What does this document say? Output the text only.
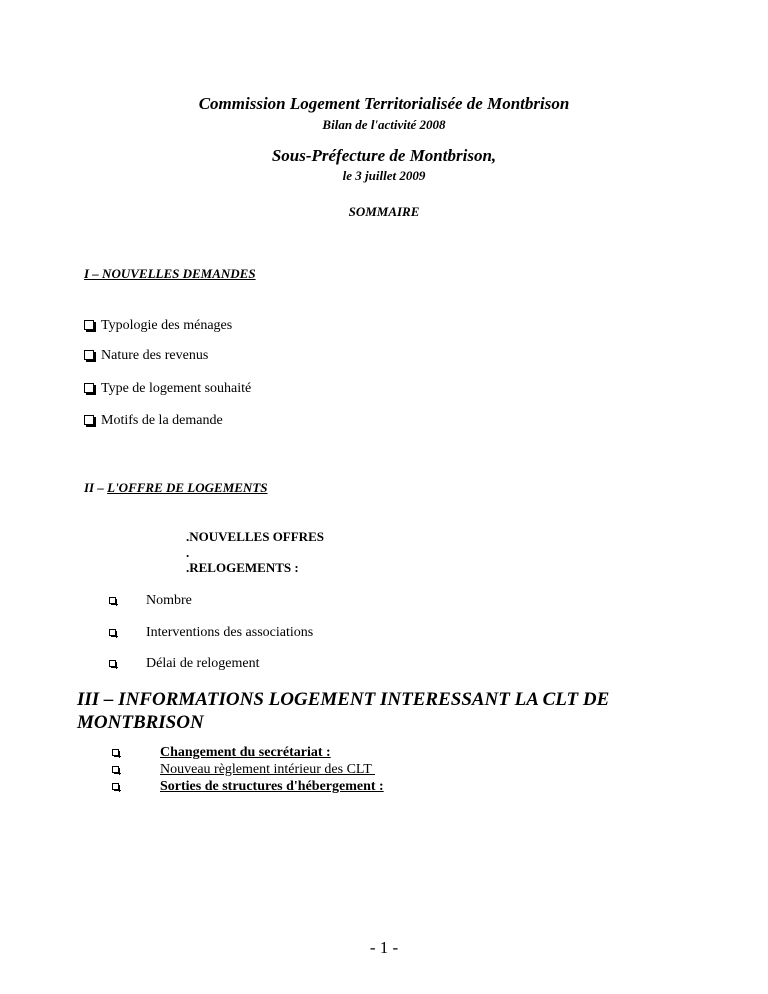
Commission Logement Territorialisée de Montbrison
Bilan de l'activité 2008
Sous-Préfecture de Montbrison,
le 3 juillet 2009
SOMMAIRE
I – NOUVELLES DEMANDES
Typologie des ménages
Nature des revenus
Type de logement souhaité
Motifs de la demande
II – L'OFFRE DE LOGEMENTS
.NOUVELLES OFFRES
.
.RELOGEMENTS :
Nombre
Interventions des associations
Délai de relogement
III – INFORMATIONS LOGEMENT INTERESSANT LA CLT DE MONTBRISON
Changement du secrétariat :
Nouveau règlement intérieur des CLT
Sorties de structures d'hébergement :
- 1 -
